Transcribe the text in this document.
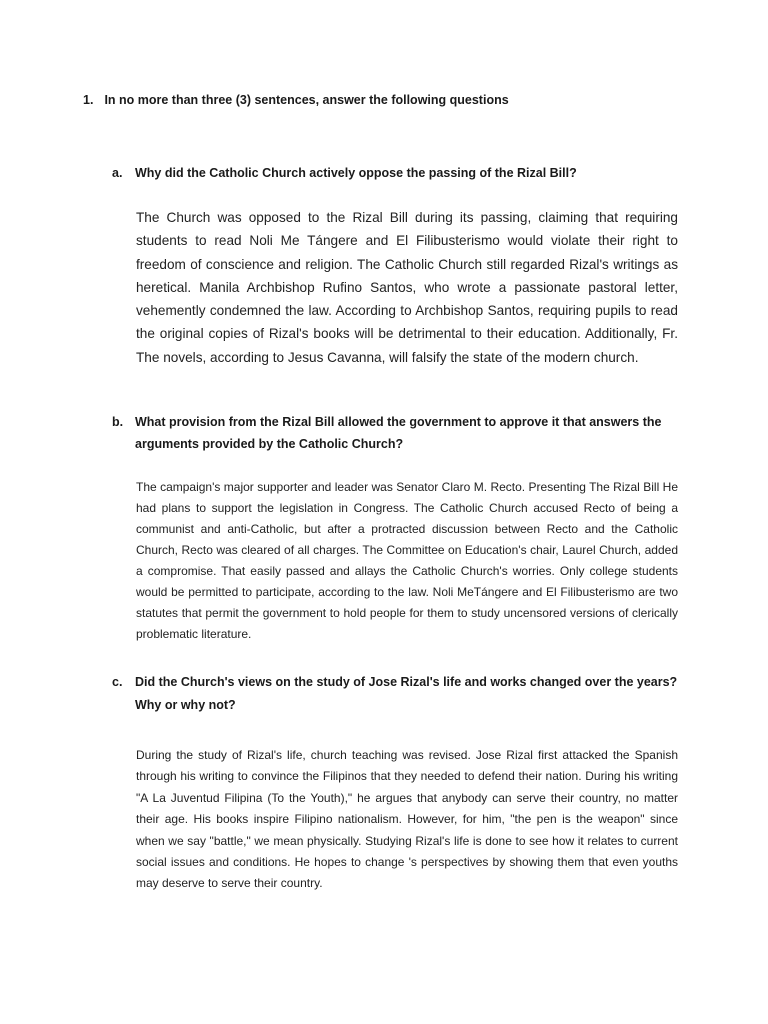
1. In no more than three (3) sentences, answer the following questions
a.	Why did the Catholic Church actively oppose the passing of the Rizal Bill?

The Church was opposed to the Rizal Bill during its passing, claiming that requiring students to read Noli Me Tángere and El Filibusterismo would violate their right to freedom of conscience and religion. The Catholic Church still regarded Rizal's writings as heretical. Manila Archbishop Rufino Santos, who wrote a passionate pastoral letter, vehemently condemned the law. According to Archbishop Santos, requiring pupils to read the original copies of Rizal's books will be detrimental to their education. Additionally, Fr. The novels, according to Jesus Cavanna, will falsify the state of the modern church.

b. What provision from the Rizal Bill allowed the government to approve it that answers the arguments provided by the Catholic Church?

The campaign's major supporter and leader was Senator Claro M. Recto. Presenting The Rizal Bill He had plans to support the legislation in Congress. The Catholic Church accused Recto of being a communist and anti-Catholic, but after a protracted discussion between Recto and the Catholic Church, Recto was cleared of all charges. The Committee on Education's chair, Laurel Church, added a compromise. That easily passed and allays the Catholic Church's worries. Only college students would be permitted to participate, according to the law. Noli MeTángere and El Filibusterismo are two statutes that permit the government to hold people for them to study uncensored versions of clerically problematic literature.

c.	Did the Church's views on the study of Jose Rizal's life and works changed over the years? Why or why not?

During the study of Rizal's life, church teaching was revised. Jose Rizal first attacked the Spanish through his writing to convince the Filipinos that they needed to defend their nation. During his writing "A La Juventud Filipina (To the Youth)," he argues that anybody can serve their country, no matter their age. His books inspire Filipino nationalism. However, for him, "the pen is the weapon" since when we say "battle," we mean physically. Studying Rizal's life is done to see how it relates to current social issues and conditions. He hopes to change 's perspectives by showing them that even youths may deserve to serve their country.
